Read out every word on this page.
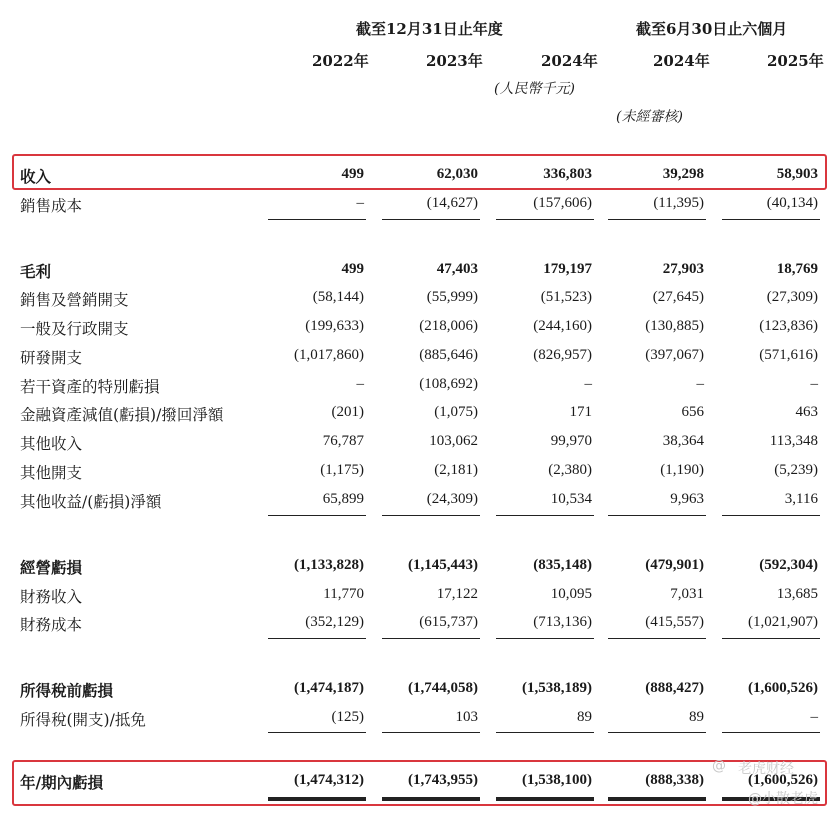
截至12月31日止年度	截至6月30日止六個月
2022年	2023年	2024年	2024年	2025年
(人民幣千元)
(未經審核)
收入	499	62,030	336,803	39,298	58,903
銷售成本	–	(14,627)	(157,606)	(11,395)	(40,134)
毛利	499	47,403	179,197	27,903	18,769
銷售及營銷開支	(58,144)	(55,999)	(51,523)	(27,645)	(27,309)
一般及行政開支	(199,633)	(218,006)	(244,160)	(130,885)	(123,836)
研發開支	(1,017,860)	(885,646)	(826,957)	(397,067)	(571,616)
若干資產的特別虧損	–	(108,692)	–	–	–
金融資產減值(虧損)/撥回淨額	(201)	(1,075)	171	656	463
其他收入	76,787	103,062	99,970	38,364	113,348
其他開支	(1,175)	(2,181)	(2,380)	(1,190)	(5,239)
其他收益/(虧損)淨額	65,899	(24,309)	10,534	9,963	3,116
經營虧損	(1,133,828)	(1,145,443)	(835,148)	(479,901)	(592,304)
財務收入	11,770	17,122	10,095	7,031	13,685
財務成本	(352,129)	(615,737)	(713,136)	(415,557)	(1,021,907)
所得稅前虧損	(1,474,187)	(1,744,058)	(1,538,189)	(888,427)	(1,600,526)
所得稅(開支)/抵免	(125)	103	89	89	–
年/期內虧損	(1,474,312)	(1,743,955)	(1,538,100)	(888,338)	(1,600,526)
@ 老虎财经
@小散老虎
